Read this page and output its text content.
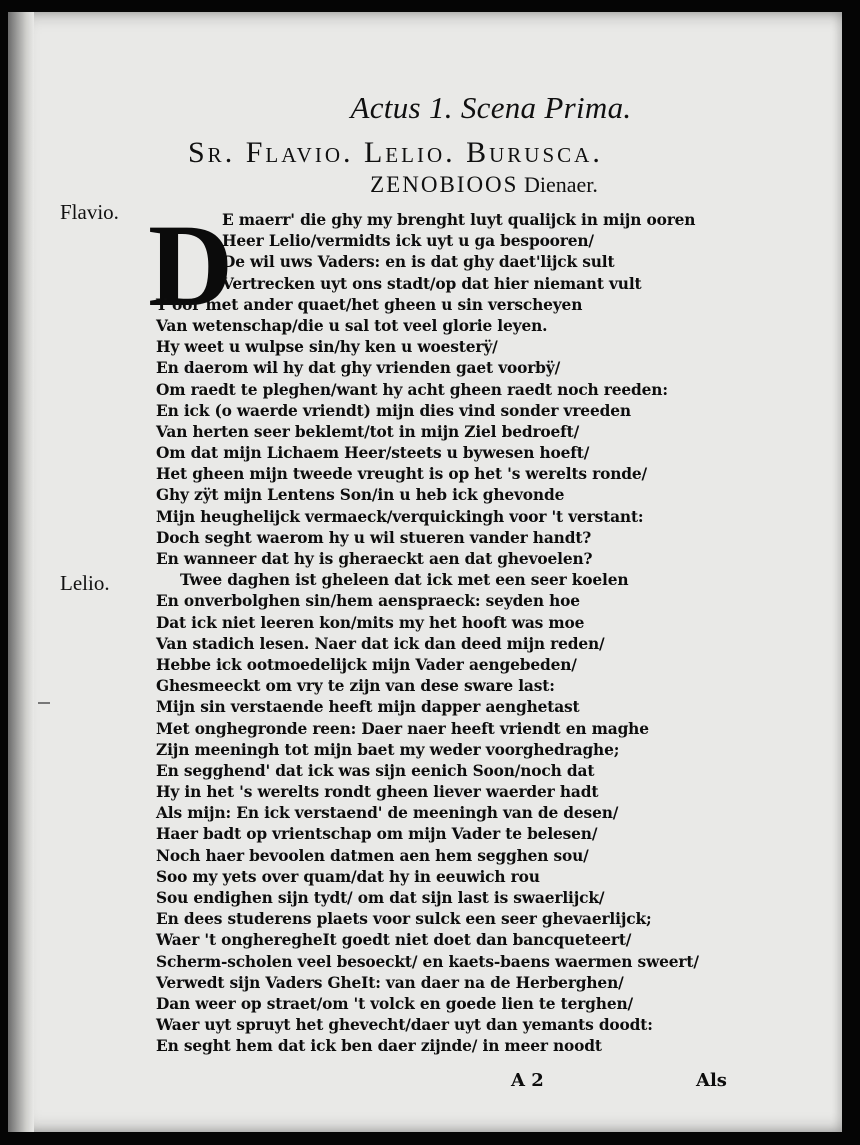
Actus 1. Scena Prima.
Sr. Flavio. Lelio. Burusca.
ZENOBIOOS Dienaer.
Flavio.
Lelio.
D
E maerr' die ghy my brenght luyt qualijck in mijn ooren
Heer Lelio/vermidts ick uyt u ga bespooren/
De wil uws Vaders: en is dat ghy daet'lijck sult
Vertrecken uyt ons stadt/op dat hier niemant vult
Y oor met ander quaet/het gheen u sin verscheyen
Van wetenschap/die u sal tot veel glorie leyen.
Hy weet u wulpse sin/hy ken u woesterÿ/
En daerom wil hy dat ghy vrienden gaet voorbÿ/
Om raedt te pleghen/want hy acht gheen raedt noch reeden:
En ick (o waerde vriendt) mijn dies vind sonder vreeden
Van herten seer beklemt/tot in mijn Ziel bedroeft/
Om dat mijn Lichaem Heer/steets u bywesen hoeft/
Het gheen mijn tweede vreught is op het 's werelts ronde/
Ghy zÿt mijn Lentens Son/in u heb ick ghevonde
Mijn heughelijck vermaeck/verquickingh voor 't verstant:
Doch seght waerom hy u wil stueren vander handt?
En wanneer dat hy is gheraeckt aen dat ghevoelen?
Twee daghen ist gheleen dat ick met een seer koelen
En onverbolghen sin/hem aenspraeck: seyden hoe
Dat ick niet leeren kon/mits my het hooft was moe
Van stadich lesen. Naer dat ick dan deed mijn reden/
Hebbe ick ootmoedelijck mijn Vader aengebeden/
Ghesmeeckt om vry te zijn van dese sware last:
Mijn sin verstaende heeft mijn dapper aenghetast
Met onghegronde reen: Daer naer heeft vriendt en maghe
Zijn meeningh tot mijn baet my weder voorghedraghe;
En segghend' dat ick was sijn eenich Soon/noch dat
Hy in het 's werelts rondt gheen liever waerder hadt
Als mijn: En ick verstaend' de meeningh van de desen/
Haer badt op vrientschap om mijn Vader te belesen/
Noch haer bevoolen datmen aen hem segghen sou/
Soo my yets over quam/dat hy in eeuwich rou
Sou endighen sijn tydt/ om dat sijn last is swaerlijck/
En dees studerens plaets voor sulck een seer ghevaerlijck;
Waer 't ongheregheIt goedt niet doet dan bancqueteert/
Scherm-scholen veel besoeckt/ en kaets-baens waermen sweert/
Verwedt sijn Vaders GheIt: van daer na de Herberghen/
Dan weer op straet/om 't volck en goede lien te terghen/
Waer uyt spruyt het ghevecht/daer uyt dan yemants doodt:
En seght hem dat ick ben daer zijnde/ in meer noodt
A 2	Als
